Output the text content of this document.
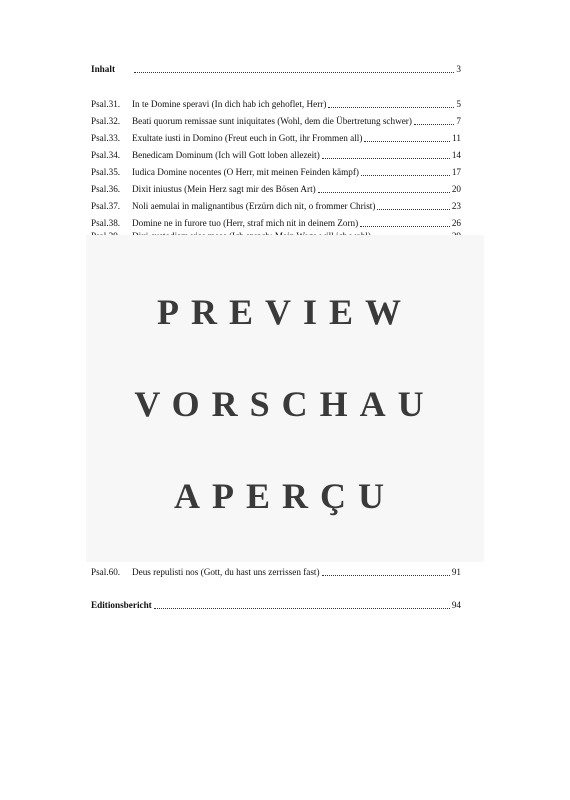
Inhalt	3
Psal.31.	In te Domine speravi (In dich hab ich gehoflet, Herr)	5
Psal.32.	Beati quorum remissae sunt iniquitates (Wohl, dem die Übertretung schwer)	7
Psal.33.	Exultate iusti in Domino (Freut euch in Gott, ihr Frommen all)	11
Psal.34.	Benedicam Dominum (Ich will Gott loben allezeit)	14
Psal.35.	Iudica Domine nocentes (O Herr, mit meinen Feinden kämpf)	17
Psal.36.	Dixit iniustus (Mein Herz sagt mir des Bösen Art)	20
Psal.37.	Noli aemulai in malignantibus (Erzürn dich nit, o frommer Christ)	23
Psal.38.	Domine ne in furore tuo (Herr, straf mich nit in deinem Zorn)	26
PREVIEW
VORSCHAU
APERÇU
Psal.60.	Deus repulisti nos (Gott, du hast uns zerrissen fast)	91
Editionsbericht	94
